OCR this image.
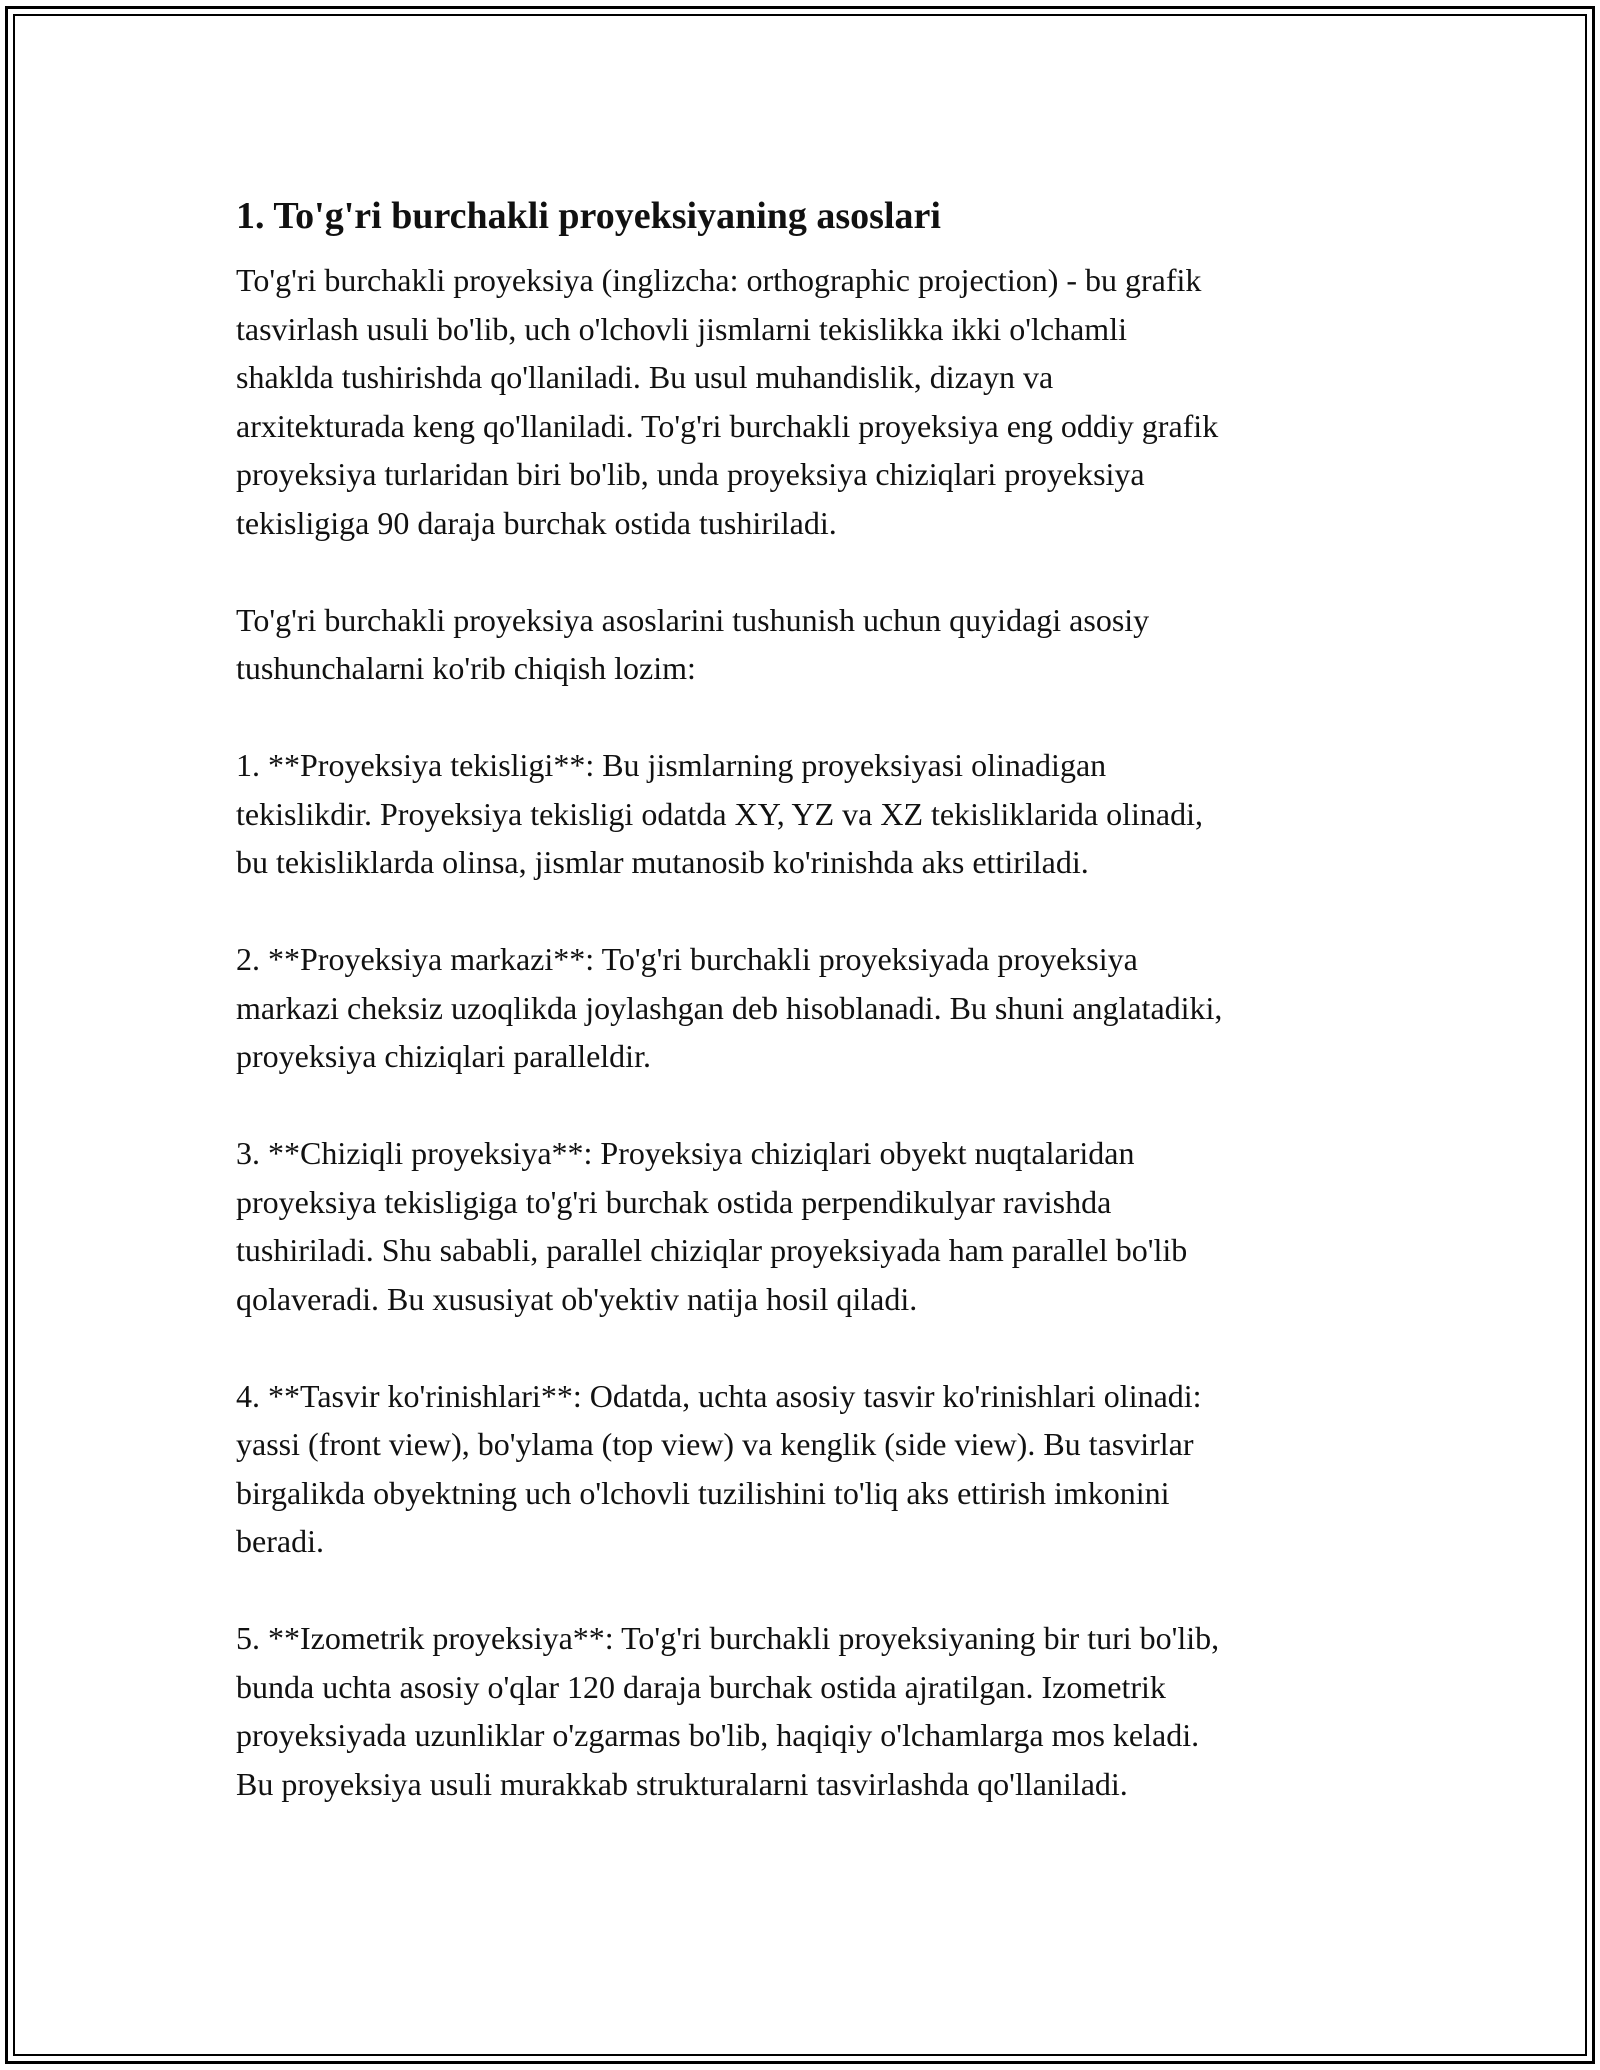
1. To'g'ri burchakli proyeksiyaning asoslari

To'g'ri burchakli proyeksiya (inglizcha: orthographic projection) - bu grafik
tasvirlash usuli bo'lib, uch o'lchovli jismlarni tekislikka ikki o'lchamli
shaklda tushirishda qo'llaniladi. Bu usul muhandislik, dizayn va
arxitekturada keng qo'llaniladi. To'g'ri burchakli proyeksiya eng oddiy grafik
proyeksiya turlaridan biri bo'lib, unda proyeksiya chiziqlari proyeksiya
tekisligiga 90 daraja burchak ostida tushiriladi.

To'g'ri burchakli proyeksiya asoslarini tushunish uchun quyidagi asosiy
tushunchalarni ko'rib chiqish lozim:

1. **Proyeksiya tekisligi**: Bu jismlarning proyeksiyasi olinadigan
tekislikdir. Proyeksiya tekisligi odatda XY, YZ va XZ tekisliklarida olinadi,
bu tekisliklarda olinsa, jismlar mutanosib ko'rinishda aks ettiriladi.

2. **Proyeksiya markazi**: To'g'ri burchakli proyeksiyada proyeksiya
markazi cheksiz uzoqlikda joylashgan deb hisoblanadi. Bu shuni anglatadiki,
proyeksiya chiziqlari paralleldir.

3. **Chiziqli proyeksiya**: Proyeksiya chiziqlari obyekt nuqtalaridan
proyeksiya tekisligiga to'g'ri burchak ostida perpendikulyar ravishda
tushiriladi. Shu sababli, parallel chiziqlar proyeksiyada ham parallel bo'lib
qolaveradi. Bu xususiyat ob'yektiv natija hosil qiladi.

4. **Tasvir ko'rinishlari**: Odatda, uchta asosiy tasvir ko'rinishlari olinadi:
yassi (front view), bo'ylama (top view) va kenglik (side view). Bu tasvirlar
birgalikda obyektning uch o'lchovli tuzilishini to'liq aks ettirish imkonini
beradi.

5. **Izometrik proyeksiya**: To'g'ri burchakli proyeksiyaning bir turi bo'lib,
bunda uchta asosiy o'qlar 120 daraja burchak ostida ajratilgan. Izometrik
proyeksiyada uzunliklar o'zgarmas bo'lib, haqiqiy o'lchamlarga mos keladi.
Bu proyeksiya usuli murakkab strukturalarni tasvirlashda qo'llaniladi.
